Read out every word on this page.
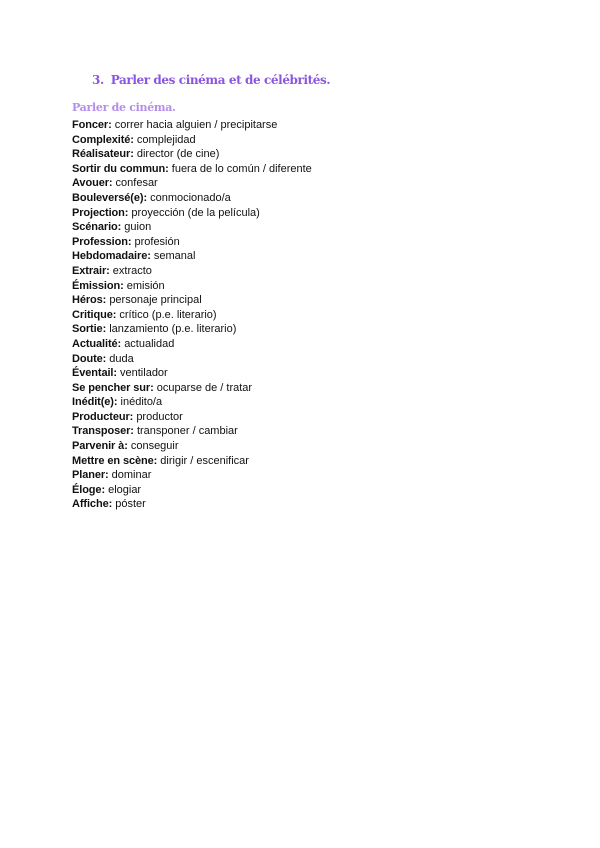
3. Parler des cinéma et de célébrités.
Parler de cinéma.
Foncer: correr hacia alguien / precipitarse
Complexité: complejidad
Réalisateur: director (de cine)
Sortir du commun: fuera de lo común / diferente
Avouer: confesar
Bouleversé(e): conmocionado/a
Projection: proyección (de la película)
Scénario: guion
Profession: profesión
Hebdomadaire: semanal
Extrair: extracto
Émission: emisión
Héros: personaje principal
Critique: crítico (p.e. literario)
Sortie: lanzamiento (p.e. literario)
Actualité: actualidad
Doute: duda
Éventail: ventilador
Se pencher sur: ocuparse de / tratar
Inédit(e): inédito/a
Producteur: productor
Transposer: transponer / cambiar
Parvenir à: conseguir
Mettre en scène: dirigir / escenificar
Planer: dominar
Éloge: elogiar
Affiche: póster
